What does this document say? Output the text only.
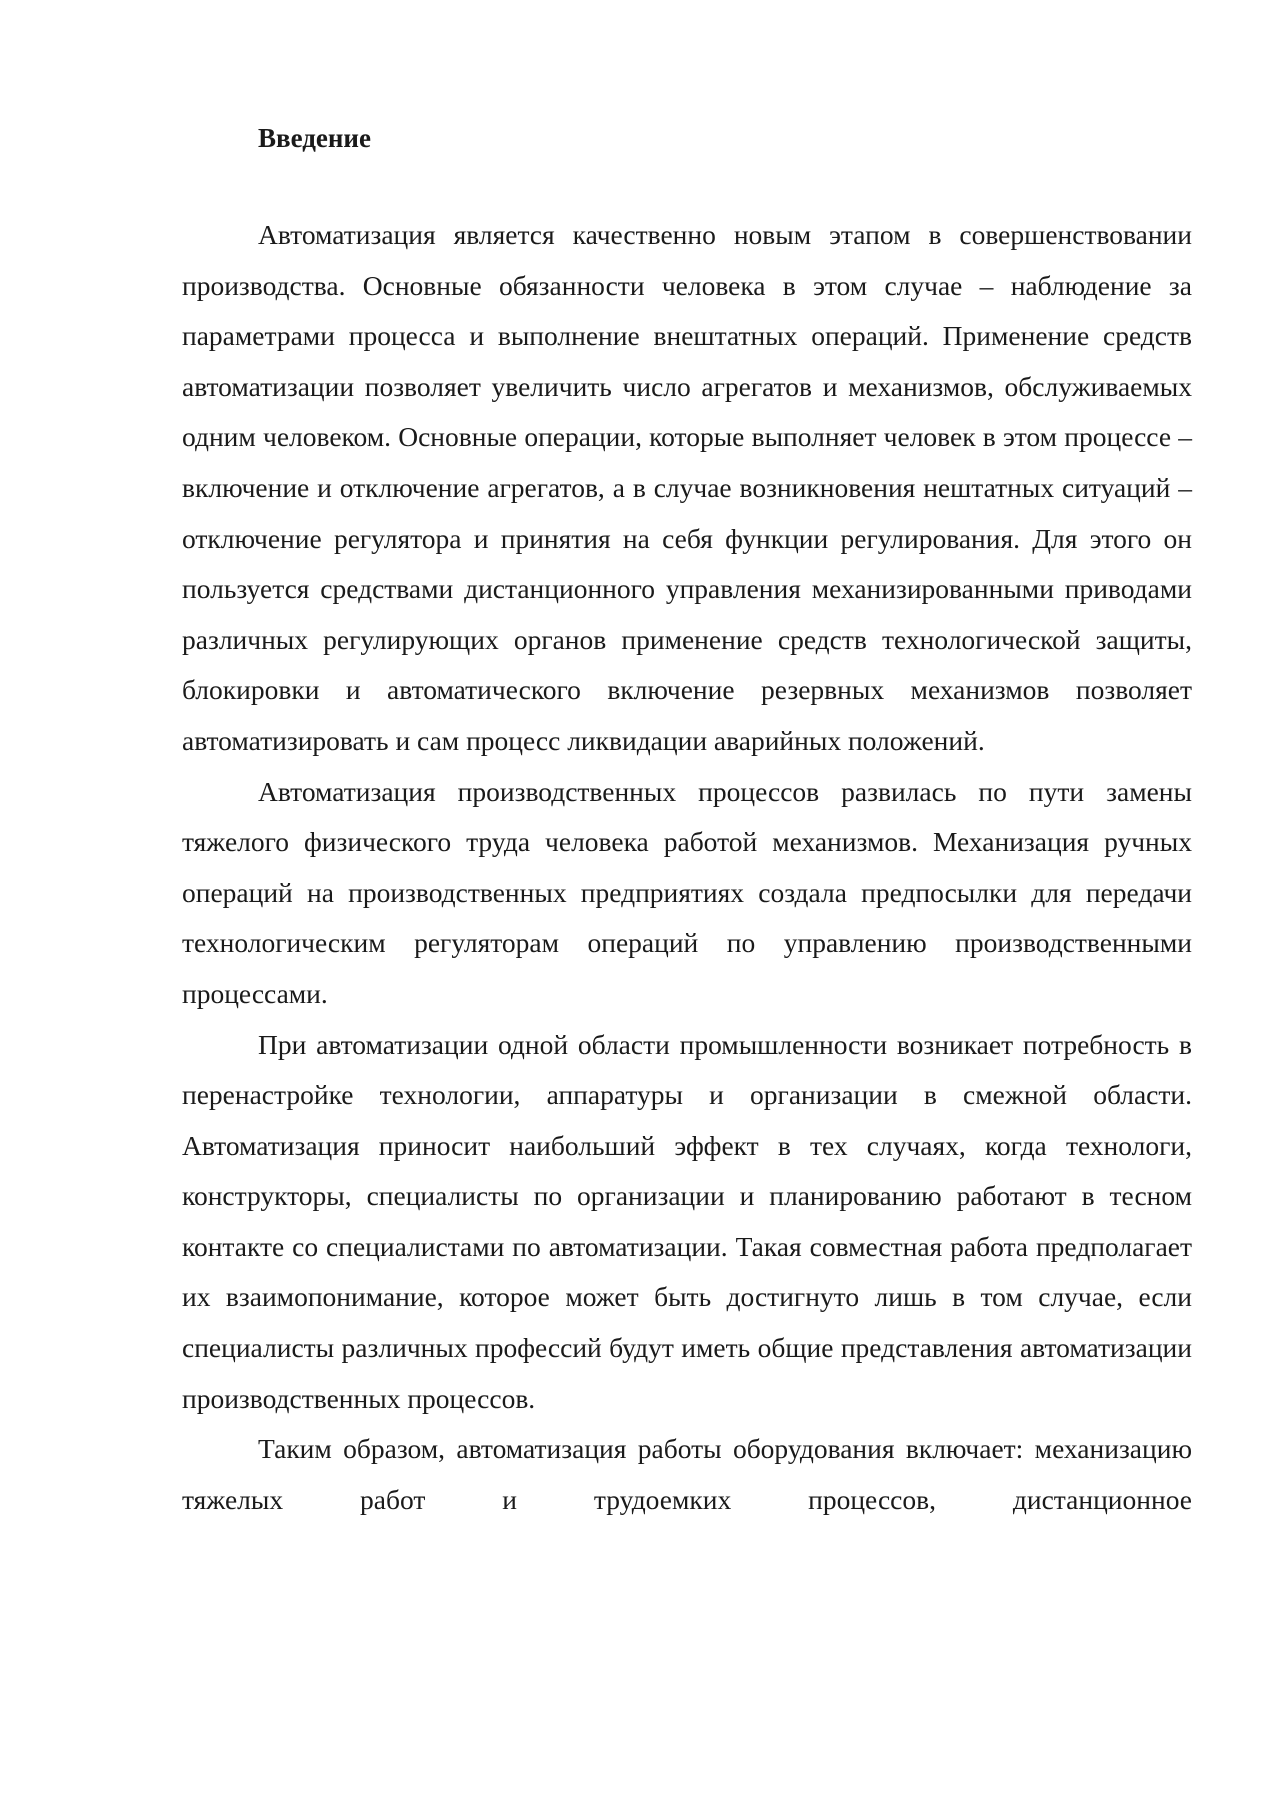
Введение

Автоматизация является качественно новым этапом в совершенствовании производства. Основные обязанности человека в этом случае – наблюдение за параметрами процесса и выполнение внештатных операций. Применение средств автоматизации позволяет увеличить число агрегатов и механизмов, обслуживаемых одним человеком. Основные операции, которые выполняет человек в этом процессе – включение и отключение агрегатов, а в случае возникновения нештатных ситуаций – отключение регулятора и принятия на себя функции регулирования. Для этого он пользуется средствами дистанционного управления механизированными приводами различных регулирующих органов применение средств технологической защиты, блокировки и автоматического включение резервных механизмов позволяет автоматизировать и сам процесс ликвидации аварийных положений.

Автоматизация производственных процессов развилась по пути замены тяжелого физического труда человека работой механизмов. Механизация ручных операций на производственных предприятиях создала предпосылки для передачи технологическим регуляторам операций по управлению производственными процессами.

При автоматизации одной области промышленности возникает потребность в перенастройке технологии, аппаратуры и организации в смежной области. Автоматизация приносит наибольший эффект в тех случаях, когда технологи, конструкторы, специалисты по организации и планированию работают в тесном контакте со специалистами по автоматизации. Такая совместная работа предполагает их взаимопонимание, которое может быть достигнуто лишь в том случае, если специалисты различных профессий будут иметь общие представления автоматизации производственных процессов.

Таким образом, автоматизация работы оборудования включает: механизацию тяжелых работ и трудоемких процессов, дистанционное
